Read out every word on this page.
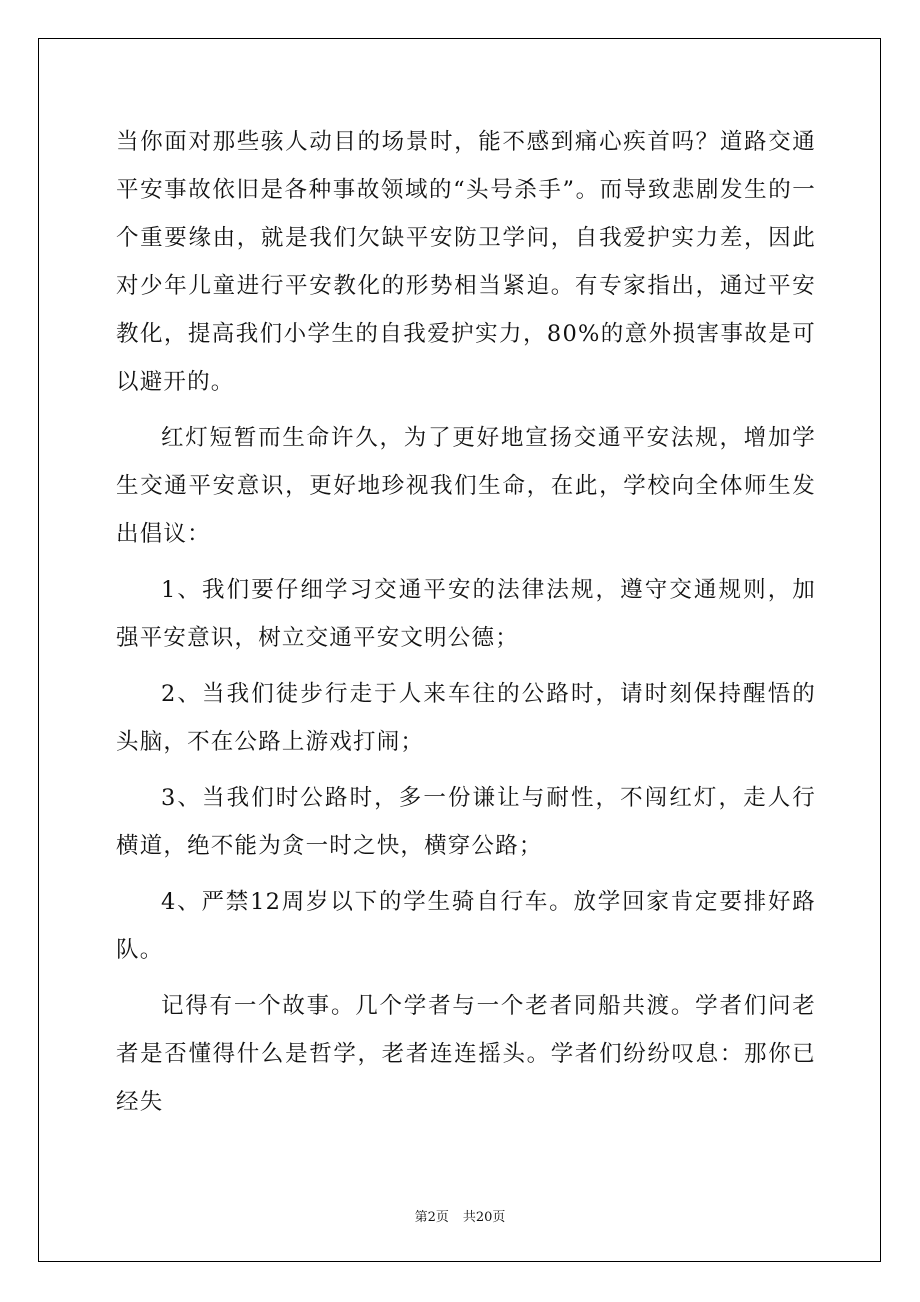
当你面对那些骇人动目的场景时，能不感到痛心疾首吗？道路交通平安事故依旧是各种事故领域的“头号杀手”。而导致悲剧发生的一个重要缘由，就是我们欠缺平安防卫学问，自我爱护实力差，因此对少年儿童进行平安教化的形势相当紧迫。有专家指出，通过平安教化，提高我们小学生的自我爱护实力，80%的意外损害事故是可以避开的。

红灯短暂而生命许久，为了更好地宣扬交通平安法规，增加学生交通平安意识，更好地珍视我们生命，在此，学校向全体师生发出倡议：

1、我们要仔细学习交通平安的法律法规，遵守交通规则，加强平安意识，树立交通平安文明公德；

2、当我们徒步行走于人来车往的公路时，请时刻保持醒悟的头脑，不在公路上游戏打闹；

3、当我们时公路时，多一份谦让与耐性，不闯红灯，走人行横道，绝不能为贪一时之快，横穿公路；

4、严禁12周岁以下的学生骑自行车。放学回家肯定要排好路队。

记得有一个故事。几个学者与一个老者同船共渡。学者们问老者是否懂得什么是哲学，老者连连摇头。学者们纷纷叹息：那你已经失

第2页 共20页
